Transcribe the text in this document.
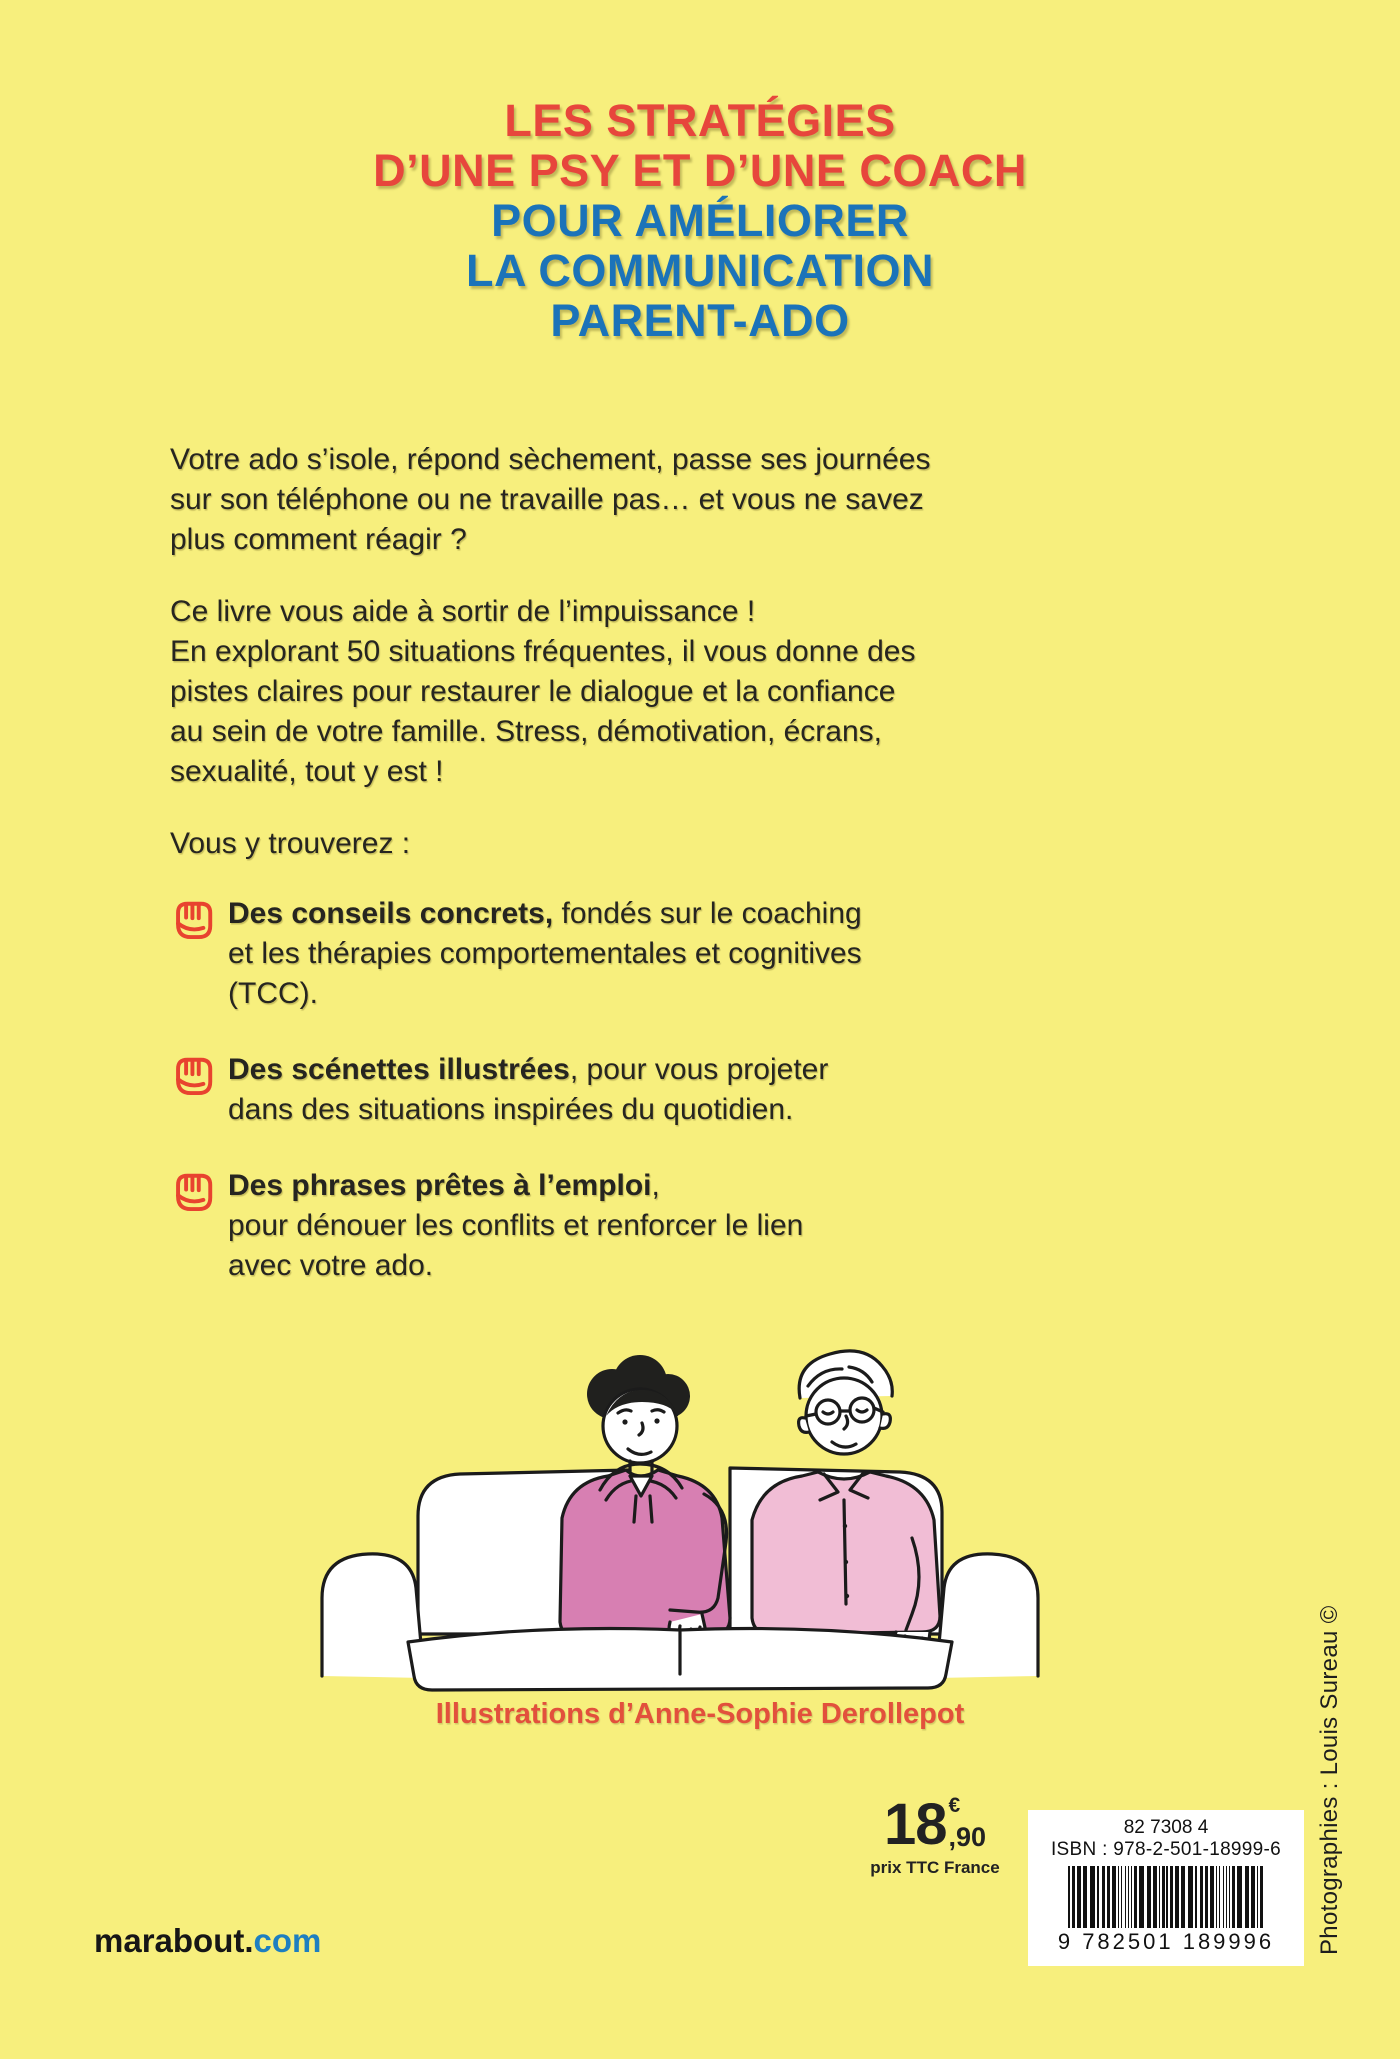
LES STRATÉGIES
D’UNE PSY ET D’UNE COACH
POUR AMÉLIORER
LA COMMUNICATION
PARENT-ADO
Votre ado s’isole, répond sèchement, passe ses journées
sur son téléphone ou ne travaille pas… et vous ne savez
plus comment réagir ?
Ce livre vous aide à sortir de l’impuissance !
En explorant 50 situations fréquentes, il vous donne des
pistes claires pour restaurer le dialogue et la confiance
au sein de votre famille. Stress, démotivation, écrans,
sexualité, tout y est !
Vous y trouverez :
Des conseils concrets, fondés sur le coaching
et les thérapies comportementales et cognitives
(TCC).
Des scénettes illustrées, pour vous projeter
dans des situations inspirées du quotidien.
Des phrases prêtes à l’emploi,
pour dénouer les conflits et renforcer le lien
avec votre ado.
Illustrations d’Anne-Sophie Derollepot
18 €
,90
prix TTC France
82 7308 4
ISBN : 978-2-501-18999-6
9 782501 189996
marabout.com	Photographies : Louis Sureau ©
